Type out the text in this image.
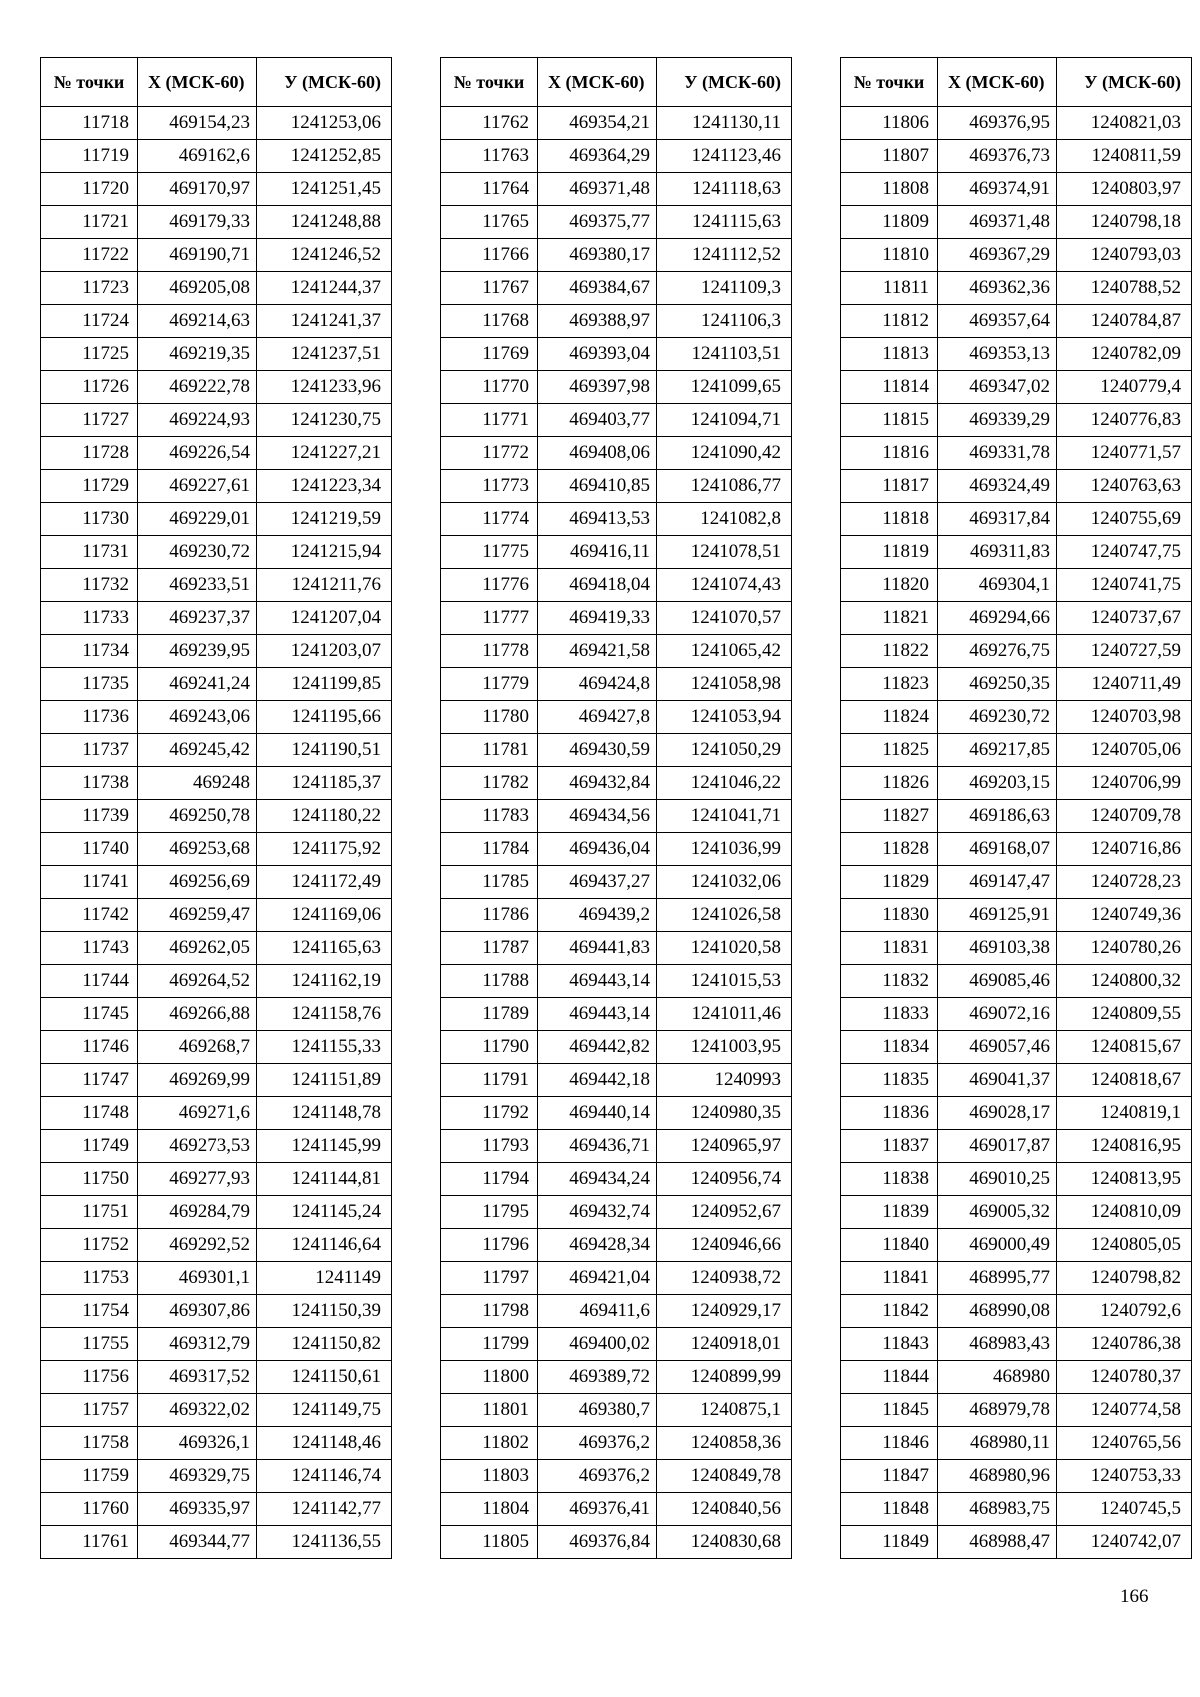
№ точки	X (МСК-60)	У (МСК-60)
11718	469154,23	1241253,06
11719	469162,6	1241252,85
11720	469170,97	1241251,45
11721	469179,33	1241248,88
11722	469190,71	1241246,52
11723	469205,08	1241244,37
11724	469214,63	1241241,37
11725	469219,35	1241237,51
11726	469222,78	1241233,96
11727	469224,93	1241230,75
11728	469226,54	1241227,21
11729	469227,61	1241223,34
11730	469229,01	1241219,59
11731	469230,72	1241215,94
11732	469233,51	1241211,76
11733	469237,37	1241207,04
11734	469239,95	1241203,07
11735	469241,24	1241199,85
11736	469243,06	1241195,66
11737	469245,42	1241190,51
11738	469248	1241185,37
11739	469250,78	1241180,22
11740	469253,68	1241175,92
11741	469256,69	1241172,49
11742	469259,47	1241169,06
11743	469262,05	1241165,63
11744	469264,52	1241162,19
11745	469266,88	1241158,76
11746	469268,7	1241155,33
11747	469269,99	1241151,89
11748	469271,6	1241148,78
11749	469273,53	1241145,99
11750	469277,93	1241144,81
11751	469284,79	1241145,24
11752	469292,52	1241146,64
11753	469301,1	1241149
11754	469307,86	1241150,39
11755	469312,79	1241150,82
11756	469317,52	1241150,61
11757	469322,02	1241149,75
11758	469326,1	1241148,46
11759	469329,75	1241146,74
11760	469335,97	1241142,77
11761	469344,77	1241136,55
№ точки	X (МСК-60)	У (МСК-60)
11762	469354,21	1241130,11
11763	469364,29	1241123,46
11764	469371,48	1241118,63
11765	469375,77	1241115,63
11766	469380,17	1241112,52
11767	469384,67	1241109,3
11768	469388,97	1241106,3
11769	469393,04	1241103,51
11770	469397,98	1241099,65
11771	469403,77	1241094,71
11772	469408,06	1241090,42
11773	469410,85	1241086,77
11774	469413,53	1241082,8
11775	469416,11	1241078,51
11776	469418,04	1241074,43
11777	469419,33	1241070,57
11778	469421,58	1241065,42
11779	469424,8	1241058,98
11780	469427,8	1241053,94
11781	469430,59	1241050,29
11782	469432,84	1241046,22
11783	469434,56	1241041,71
11784	469436,04	1241036,99
11785	469437,27	1241032,06
11786	469439,2	1241026,58
11787	469441,83	1241020,58
11788	469443,14	1241015,53
11789	469443,14	1241011,46
11790	469442,82	1241003,95
11791	469442,18	1240993
11792	469440,14	1240980,35
11793	469436,71	1240965,97
11794	469434,24	1240956,74
11795	469432,74	1240952,67
11796	469428,34	1240946,66
11797	469421,04	1240938,72
11798	469411,6	1240929,17
11799	469400,02	1240918,01
11800	469389,72	1240899,99
11801	469380,7	1240875,1
11802	469376,2	1240858,36
11803	469376,2	1240849,78
11804	469376,41	1240840,56
11805	469376,84	1240830,68
№ точки	X (МСК-60)	У (МСК-60)
11806	469376,95	1240821,03
11807	469376,73	1240811,59
11808	469374,91	1240803,97
11809	469371,48	1240798,18
11810	469367,29	1240793,03
11811	469362,36	1240788,52
11812	469357,64	1240784,87
11813	469353,13	1240782,09
11814	469347,02	1240779,4
11815	469339,29	1240776,83
11816	469331,78	1240771,57
11817	469324,49	1240763,63
11818	469317,84	1240755,69
11819	469311,83	1240747,75
11820	469304,1	1240741,75
11821	469294,66	1240737,67
11822	469276,75	1240727,59
11823	469250,35	1240711,49
11824	469230,72	1240703,98
11825	469217,85	1240705,06
11826	469203,15	1240706,99
11827	469186,63	1240709,78
11828	469168,07	1240716,86
11829	469147,47	1240728,23
11830	469125,91	1240749,36
11831	469103,38	1240780,26
11832	469085,46	1240800,32
11833	469072,16	1240809,55
11834	469057,46	1240815,67
11835	469041,37	1240818,67
11836	469028,17	1240819,1
11837	469017,87	1240816,95
11838	469010,25	1240813,95
11839	469005,32	1240810,09
11840	469000,49	1240805,05
11841	468995,77	1240798,82
11842	468990,08	1240792,6
11843	468983,43	1240786,38
11844	468980	1240780,37
11845	468979,78	1240774,58
11846	468980,11	1240765,56
11847	468980,96	1240753,33
11848	468983,75	1240745,5
11849	468988,47	1240742,07
166
